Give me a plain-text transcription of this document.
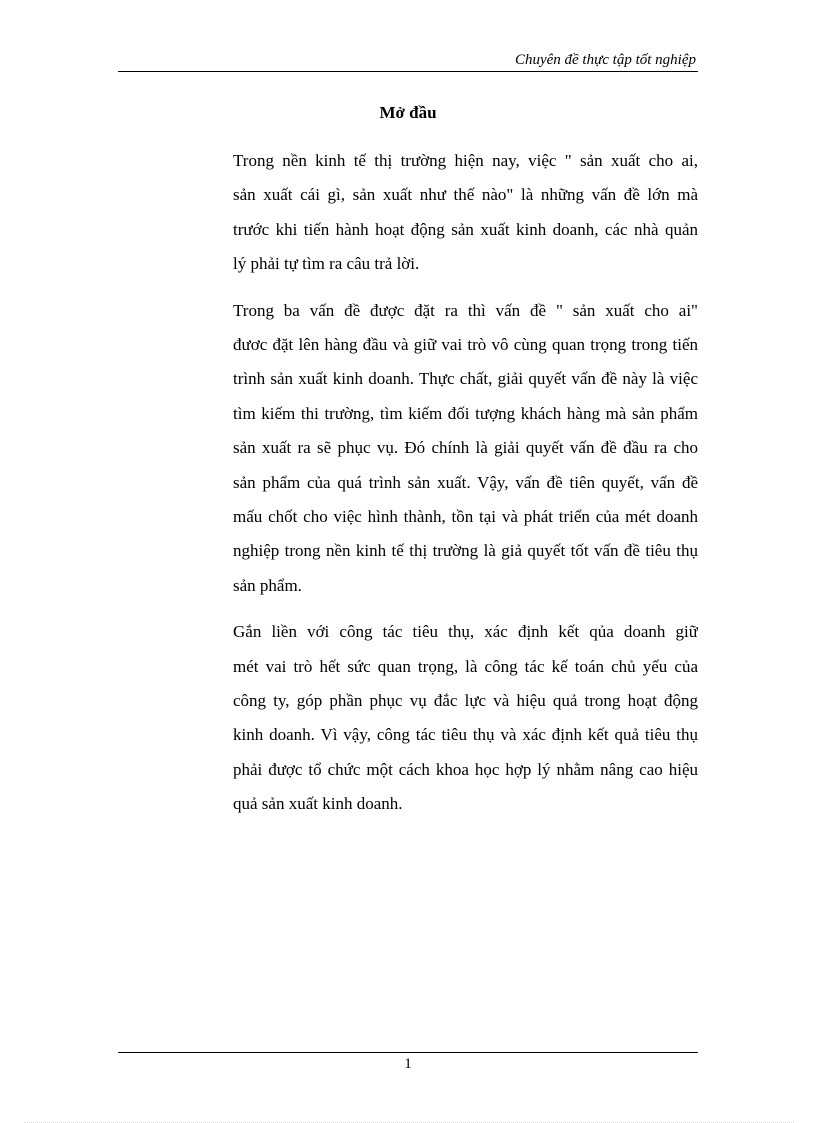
Chuyên đề thực tập tốt nghiệp
Mở đầu

Trong nền kinh tế thị trường hiện nay, việc " sản xuất cho ai,
sản xuất cái gì, sản xuất như thế nào" là những vấn đề lớn mà
trước khi tiến hành hoạt động sản xuất kinh doanh, các nhà quản
lý phải tự tìm ra câu trả lời.

Trong ba vấn đề được đặt ra thì vấn đề " sản xuất cho ai"
đươc đặt lên hàng đầu và giữ vai trò vô cùng quan trọng trong tiến
trình sản xuất kinh doanh. Thực chất, giải quyết vấn đề này là việc
tìm kiếm thi trường, tìm kiếm đối tượng khách hàng mà sản phẩm
sản xuất ra sẽ phục vụ. Đó chính là giải quyết vấn đề đầu ra cho
sản phẩm của quá trình sản xuất. Vậy, vấn đề tiên quyết, vấn đề
mấu chốt cho việc hình thành, tồn tại và phát triển của mét doanh
nghiệp trong nền kinh tế thị trường là giả quyết tốt vấn đề tiêu thụ
sản phẩm.

Gắn liền với công tác tiêu thụ, xác định kết qủa doanh giữ
mét vai trò hết sức quan trọng, là công tác kế toán chủ yếu của
công ty, góp phần phục vụ đắc lực và hiệu quả trong hoạt động
kinh doanh. Vì vậy, công tác tiêu thụ và xác định kết quả tiêu thụ
phải được tổ chức một cách khoa học hợp lý nhằm nâng cao hiệu
quả sản xuất kinh doanh.

1
